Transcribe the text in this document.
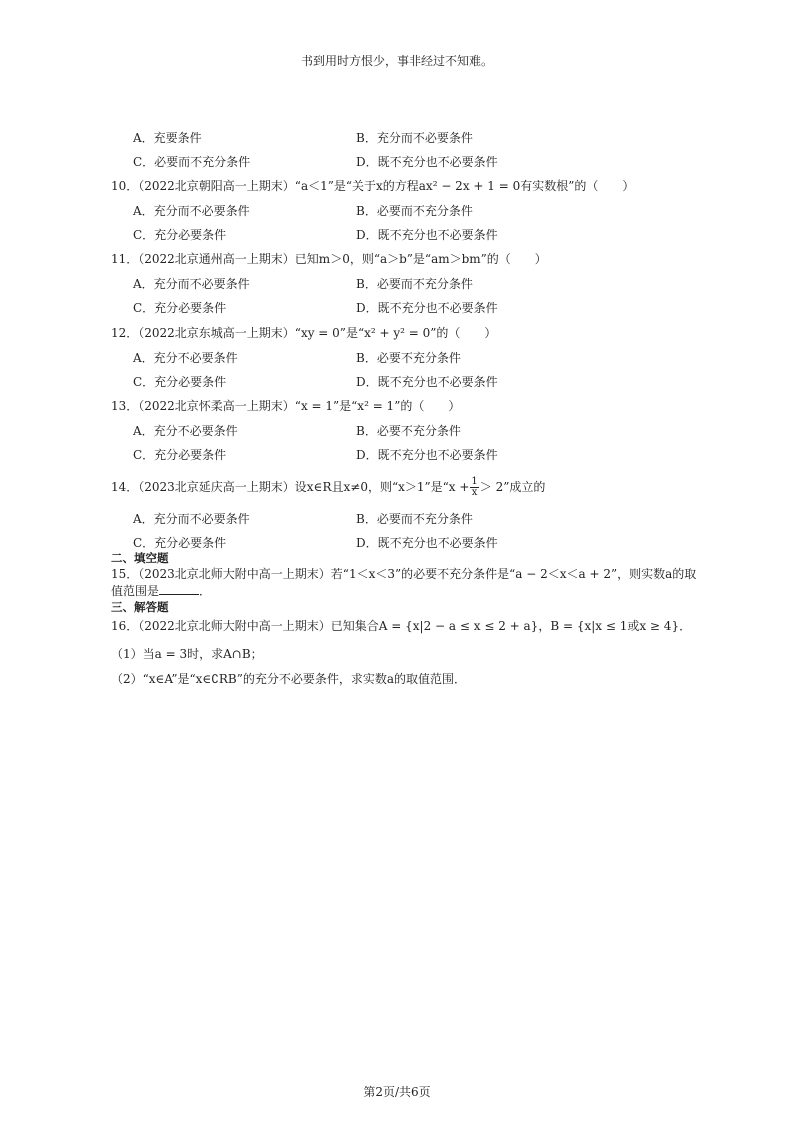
书到用时方恨少，事非经过不知难。
A．充要条件	B．充分而不必要条件
C．必要而不充分条件	D．既不充分也不必要条件
10．（2022北京朝阳高一上期末）“a＜1”是“关于x的方程ax² − 2x + 1 = 0有实数根”的（　　）
A．充分而不必要条件	B．必要而不充分条件
C．充分必要条件	D．既不充分也不必要条件
11．（2022北京通州高一上期末）已知m＞0，则“a＞b”是“am＞bm”的（　　）
A．充分而不必要条件	B．必要而不充分条件
C．充分必要条件	D．既不充分也不必要条件
12．（2022北京东城高一上期末）“xy = 0”是“x² + y² = 0”的（　　）
A．充分不必要条件	B．必要不充分条件
C．充分必要条件	D．既不充分也不必要条件
13．（2022北京怀柔高一上期末）“x = 1”是“x² = 1”的（　　）
A．充分不必要条件	B．必要不充分条件
C．充分必要条件	D．既不充分也不必要条件
14．（2023北京延庆高一上期末）设x∈R且x≠0，则“x＞1”是“$x + \frac{1}{x} > 2$”成立的
A．充分而不必要条件	B．必要而不充分条件
C．充分必要条件	D．既不充分也不必要条件
二、填空题
15．（2023北京北师大附中高一上期末）若“1＜x＜3”的必要不充分条件是“a − 2＜x＜a + 2”，则实数a的取
值范围是	．
三、解答题
16．（2022北京北师大附中高一上期末）已知集合A = {x|2 − a ≤ x ≤ 2 + a}，B = {x|x ≤ 1或x ≥ 4}．
（1）当a = 3时，求A∩B；
（2）“x∈A”是“x∈∁RB”的充分不必要条件，求实数a的取值范围．
第2页/共6页
